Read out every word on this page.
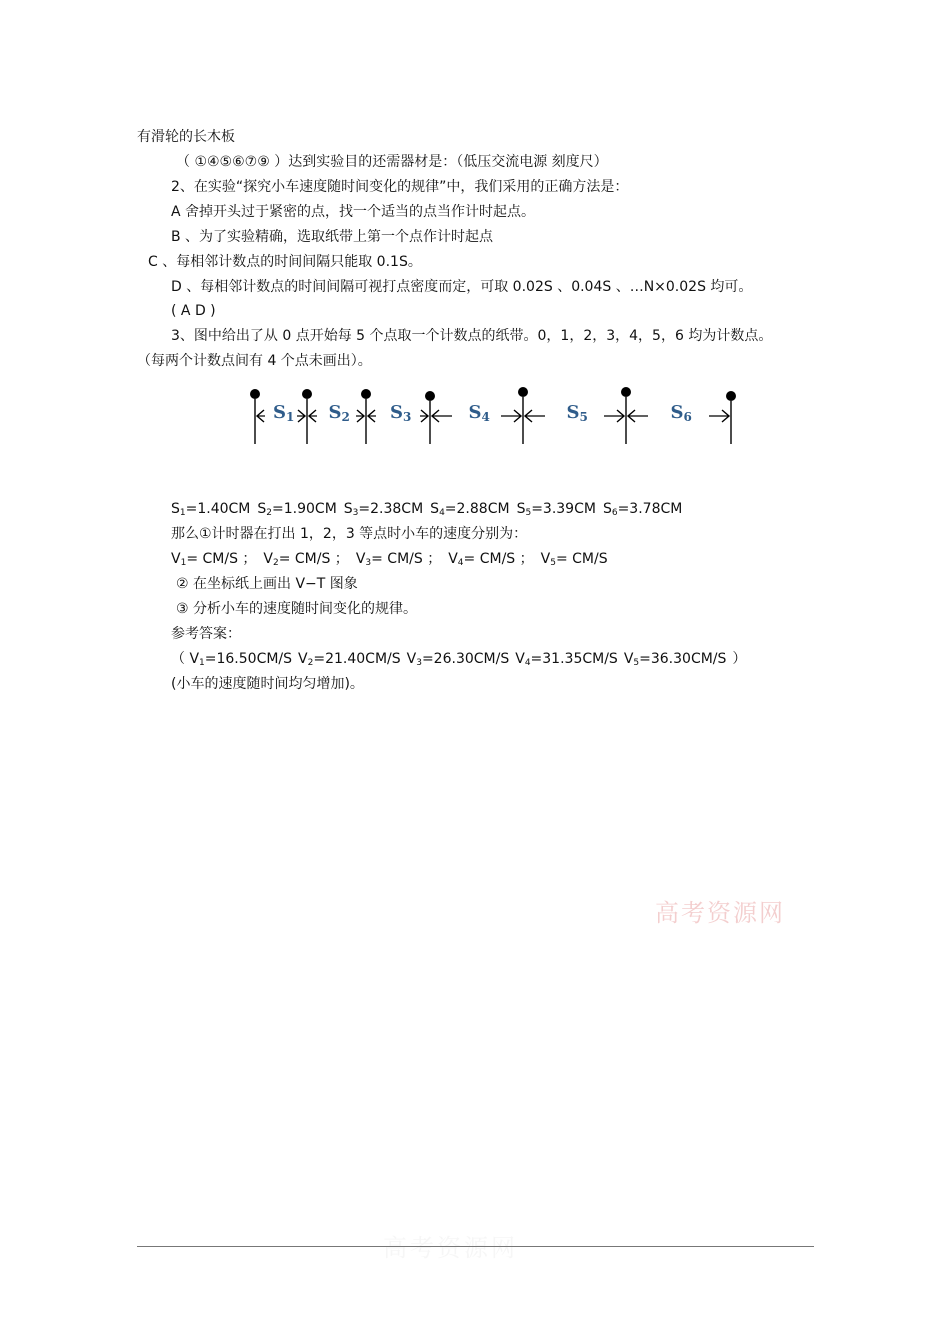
有滑轮的长木板
（ ①④⑤⑥⑦⑨ ）达到实验目的还需器材是：（低压交流电源 刻度尺）
2、在实验“探究小车速度随时间变化的规律”中，我们采用的正确方法是：
A 舍掉开头过于紧密的点，找一个适当的点当作计时起点。
B 、为了实验精确，选取纸带上第一个点作计时起点
C 、每相邻计数点的时间间隔只能取 0.1S。
D 、每相邻计数点的时间间隔可视打点密度而定，可取 0.02S 、0.04S 、…N×0.02S 均可。
( A D )
3、图中给出了从 0 点开始每 5 个点取一个计数点的纸带。0，1，2，3，4，5，6 均为计数点。
（每两个计数点间有 4 个点未画出）。
S1 S2 S3	S4	S5	S6
$S_1=1.40CM$ $S_2=1.90CM$ $S_3=2.38CM$ $S_4=2.88CM$ $S_5=3.39CM$ $S_6=3.78CM$
那么①计时器在打出 1，2，3 等点时小车的速度分别为：
$V_1= CM/S$ ； $V_2= CM/S$ ； $V_3= CM/S$ ； $V_4= CM/S$ ； $V_5= CM/S$
② 在坐标纸上画出 V−T 图象
③ 分析小车的速度随时间变化的规律。
参考答案：
（ $V_1=16.50CM/S$ $V_2=21.40CM/S$ $V_3=26.30CM/S$ $V_4=31.35CM/S$ $V_5=36.30CM/S$ ）
(小车的速度随时间均匀增加)。
高考资源网
高考资源网
